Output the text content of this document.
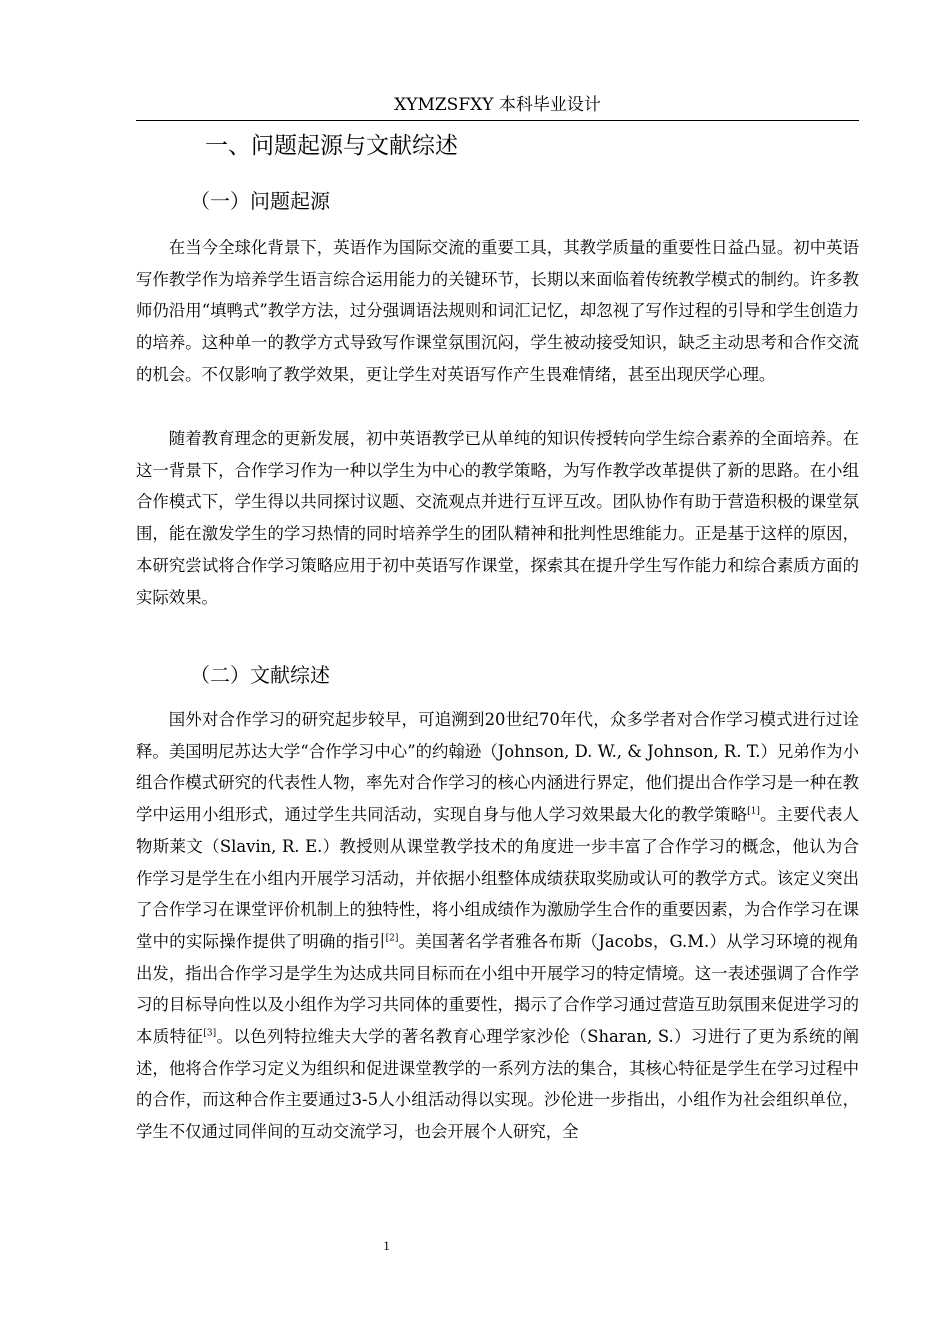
XYMZSFXY 本科毕业设计
一、问题起源与文献综述
（一）问题起源

在当今全球化背景下，英语作为国际交流的重要工具，其教学质量的重要性日益凸显。初中英语写作教学作为培养学生语言综合运用能力的关键环节，长期以来面临着传统教学模式的制约。许多教师仍沿用“填鸭式”教学方法，过分强调语法规则和词汇记忆，却忽视了写作过程的引导和学生创造力的培养。这种单一的教学方式导致写作课堂氛围沉闷，学生被动接受知识，缺乏主动思考和合作交流的机会。不仅影响了教学效果，更让学生对英语写作产生畏难情绪，甚至出现厌学心理。

随着教育理念的更新发展，初中英语教学已从单纯的知识传授转向学生综合素养的全面培养。在这一背景下，合作学习作为一种以学生为中心的教学策略，为写作教学改革提供了新的思路。在小组合作模式下，学生得以共同探讨议题、交流观点并进行互评互改。团队协作有助于营造积极的课堂氛围，能在激发学生的学习热情的同时培养学生的团队精神和批判性思维能力。正是基于这样的原因，本研究尝试将合作学习策略应用于初中英语写作课堂，探索其在提升学生写作能力和综合素质方面的实际效果。

（二）文献综述

国外对合作学习的研究起步较早，可追溯到20世纪70年代，众多学者对合作学习模式进行过诠释。美国明尼苏达大学“合作学习中心”的约翰逊（Johnson, D. W., & Johnson, R. T.）兄弟作为小组合作模式研究的代表性人物，率先对合作学习的核心内涵进行界定，他们提出合作学习是一种在教学中运用小组形式，通过学生共同活动，实现自身与他人学习效果最大化的教学策略[1]。主要代表人物斯莱文（Slavin, R. E.）教授则从课堂教学技术的角度进一步丰富了合作学习的概念，他认为合作学习是学生在小组内开展学习活动，并依据小组整体成绩获取奖励或认可的教学方式。该定义突出了合作学习在课堂评价机制上的独特性，将小组成绩作为激励学生合作的重要因素，为合作学习在课堂中的实际操作提供了明确的指引[2]。美国著名学者雅各布斯（Jacobs，G.M.）从学习环境的视角出发，指出合作学习是学生为达成共同目标而在小组中开展学习的特定情境。这一表述强调了合作学习的目标导向性以及小组作为学习共同体的重要性，揭示了合作学习通过营造互助氛围来促进学习的本质特征[3]。以色列特拉维夫大学的著名教育心理学家沙伦（Sharan, S.）习进行了更为系统的阐述，他将合作学习定义为组织和促进课堂教学的一系列方法的集合，其核心特征是学生在学习过程中的合作，而这种合作主要通过3-5人小组活动得以实现。沙伦进一步指出，小组作为社会组织单位，学生不仅通过同伴间的互动交流学习，也会开展个人研究，全

1
